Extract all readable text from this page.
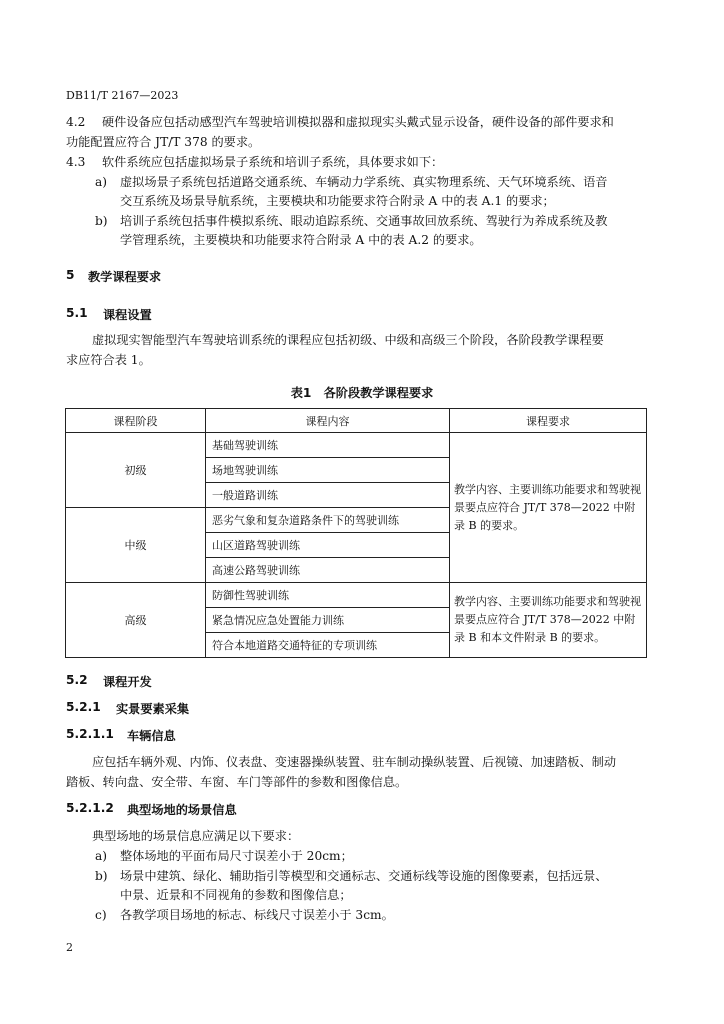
DB11/T 2167—2023
4.2 硬件设备应包括动感型汽车驾驶培训模拟器和虚拟现实头戴式显示设备，硬件设备的部件要求和
功能配置应符合 JT/T 378 的要求。
4.3 软件系统应包括虚拟场景子系统和培训子系统，具体要求如下：
a) 虚拟场景子系统包括道路交通系统、车辆动力学系统、真实物理系统、天气环境系统、语音
交互系统及场景导航系统，主要模块和功能要求符合附录 A 中的表 A.1 的要求；
b) 培训子系统包括事件模拟系统、眼动追踪系统、交通事故回放系统、驾驶行为养成系统及教
学管理系统，主要模块和功能要求符合附录 A 中的表 A.2 的要求。
5 教学课程要求
5.1 课程设置
虚拟现实智能型汽车驾驶培训系统的课程应包括初级、中级和高级三个阶段，各阶段教学课程要
求应符合表 1。
表1　各阶段教学课程要求
课程阶段	课程内容	课程要求
初级	基础驾驶训练	教学内容、主要训练功能要求和驾驶视景要点应符合 JT/T 378—2022 中附录 B 的要求。
	场地驾驶训练	
	一般道路训练	
中级	恶劣气象和复杂道路条件下的驾驶训练	
	山区道路驾驶训练	
	高速公路驾驶训练	
高级	防御性驾驶训练	教学内容、主要训练功能要求和驾驶视景要点应符合 JT/T 378—2022 中附录 B 和本文件附录 B 的要求。
	紧急情况应急处置能力训练	
	符合本地道路交通特征的专项训练	
5.2 课程开发
5.2.1 实景要素采集
5.2.1.1 车辆信息
应包括车辆外观、内饰、仪表盘、变速器操纵装置、驻车制动操纵装置、后视镜、加速踏板、制动
踏板、转向盘、安全带、车窗、车门等部件的参数和图像信息。
5.2.1.2 典型场地的场景信息
典型场地的场景信息应满足以下要求：
a) 整体场地的平面布局尺寸误差小于 20cm；
b) 场景中建筑、绿化、辅助指引等模型和交通标志、交通标线等设施的图像要素，包括远景、
中景、近景和不同视角的参数和图像信息；
c) 各教学项目场地的标志、标线尺寸误差小于 3cm。
2
